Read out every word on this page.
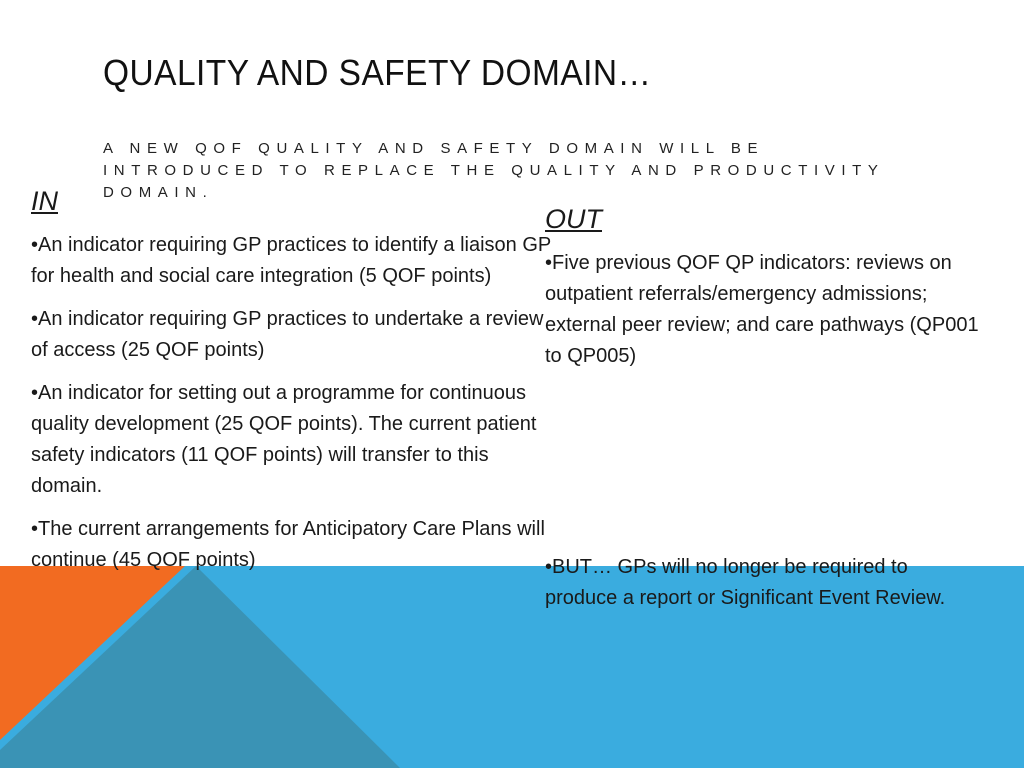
QUALITY AND SAFETY DOMAIN…

A NEW QOF QUALITY AND SAFETY DOMAIN WILL BE INTRODUCED TO REPLACE THE QUALITY AND PRODUCTIVITY DOMAIN.

IN

•An indicator requiring GP practices to identify a liaison GP for health and social care integration (5 QOF points)

•An indicator requiring GP practices to undertake a review of access (25 QOF points)

•An indicator for setting out a programme for continuous quality development (25 QOF points). The current patient safety indicators (11 QOF points) will transfer to this domain.

•The current arrangements for Anticipatory Care Plans will continue (45 QOF points)

OUT

•Five previous QOF QP indicators: reviews on outpatient referrals/emergency admissions; external peer review; and care pathways (QP001 to QP005)

•BUT… GPs will no longer be required to produce a report or Significant Event Review.
